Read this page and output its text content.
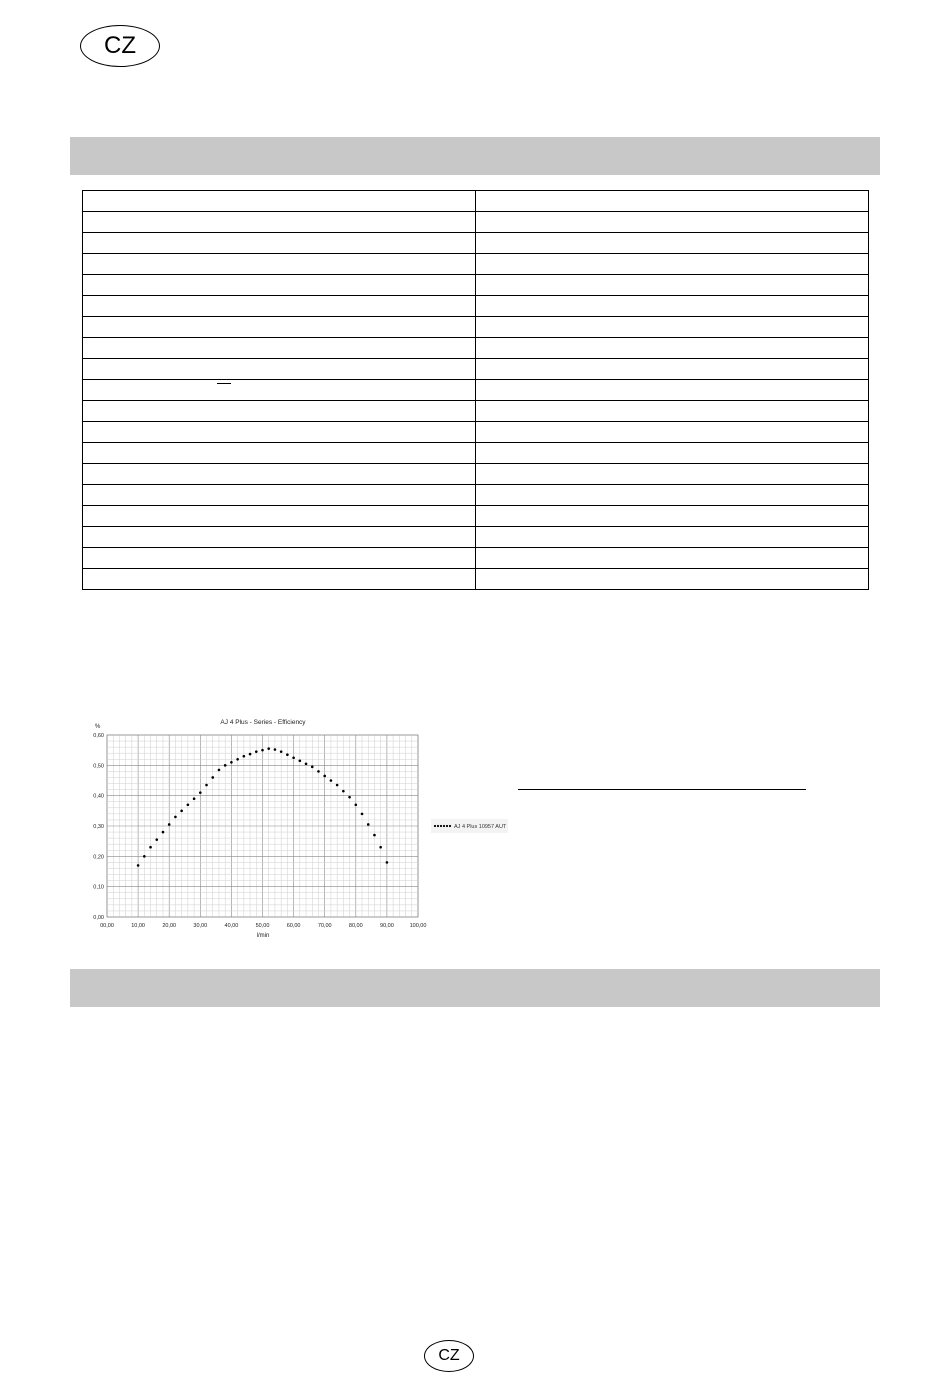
CZ

AJ 4 Plus - Series - Efficiency
%
l/min
00,00	10,00	20,00	30,00	40,00	50,00	60,00	70,00	80,00	90,00	100,00
0,00
0,10
0,20
0,30
0,40
0,50
0,60
AJ 4 Plus 10957 AUT
CZ
